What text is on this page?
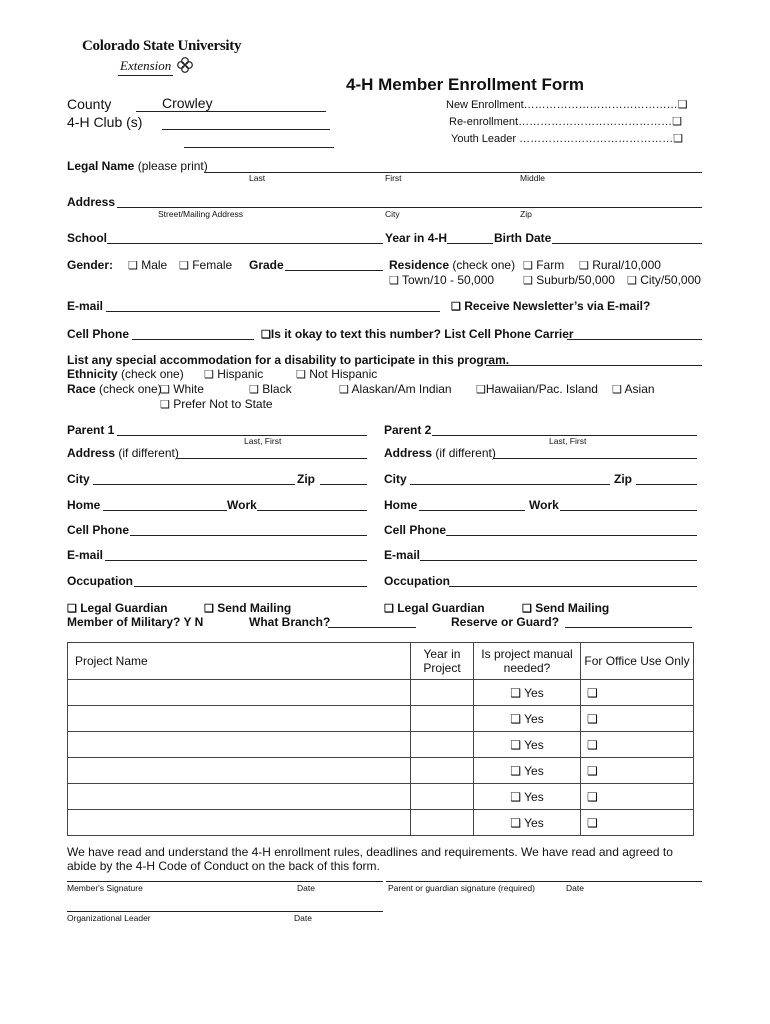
Colorado State University
Extension
4-H Member Enrollment Form
County	Crowley
4-H Club (s)
New Enrollment……………………………………❑
Re-enrollment……………………………………❑
Youth Leader ……………………………………❑
Legal Name (please print)
Last	First	Middle
Address
Street/Mailing Address	City	Zip
School	Year in 4-H	Birth Date
Gender: ❑ Male ❑ Female Grade	Residence (check one) ❑ Farm ❑ Rural/10,000
❑ Town/10 - 50,000	❑ Suburb/50,000 ❑ City/50,000
E-mail	❑ Receive Newsletter’s via E-mail?
Cell Phone	❑Is it okay to text this number? List Cell Phone Carrier
List any special accommodation for a disability to participate in this program.
Ethnicity (check one) ❑ Hispanic	❑ Not Hispanic
Race (check one)
❑ White	❑ Black	❑ Alaskan/Am Indian ❑Hawaiian/Pac. Island ❑ Asian
❑ Prefer Not to State
Parent 1
Last, First
Address (if different)
City	Zip
Home	Work
Cell Phone
E-mail
Occupation
❑ Legal Guardian	❑ Send Mailing
Parent 2
Last, First
Address (if different)
City	Zip
Home	Work
Cell Phone
E-mail
Occupation
❑ Legal Guardian	❑ Send Mailing
Member of Military? Y N	What Branch?	Reserve or Guard?
Project Name	Year in Project	Is project manual needed?	For Office Use Only
		❑ Yes	❑
		❑ Yes	❑
		❑ Yes	❑
		❑ Yes	❑
		❑ Yes	❑
		❑ Yes	❑
We have read and understand the 4-H enrollment rules, deadlines and requirements. We have read and agreed to abide by the 4-H Code of Conduct on the back of this form.
Member's Signature	Date	Parent or guardian signature (required)	Date
Organizational Leader	Date
